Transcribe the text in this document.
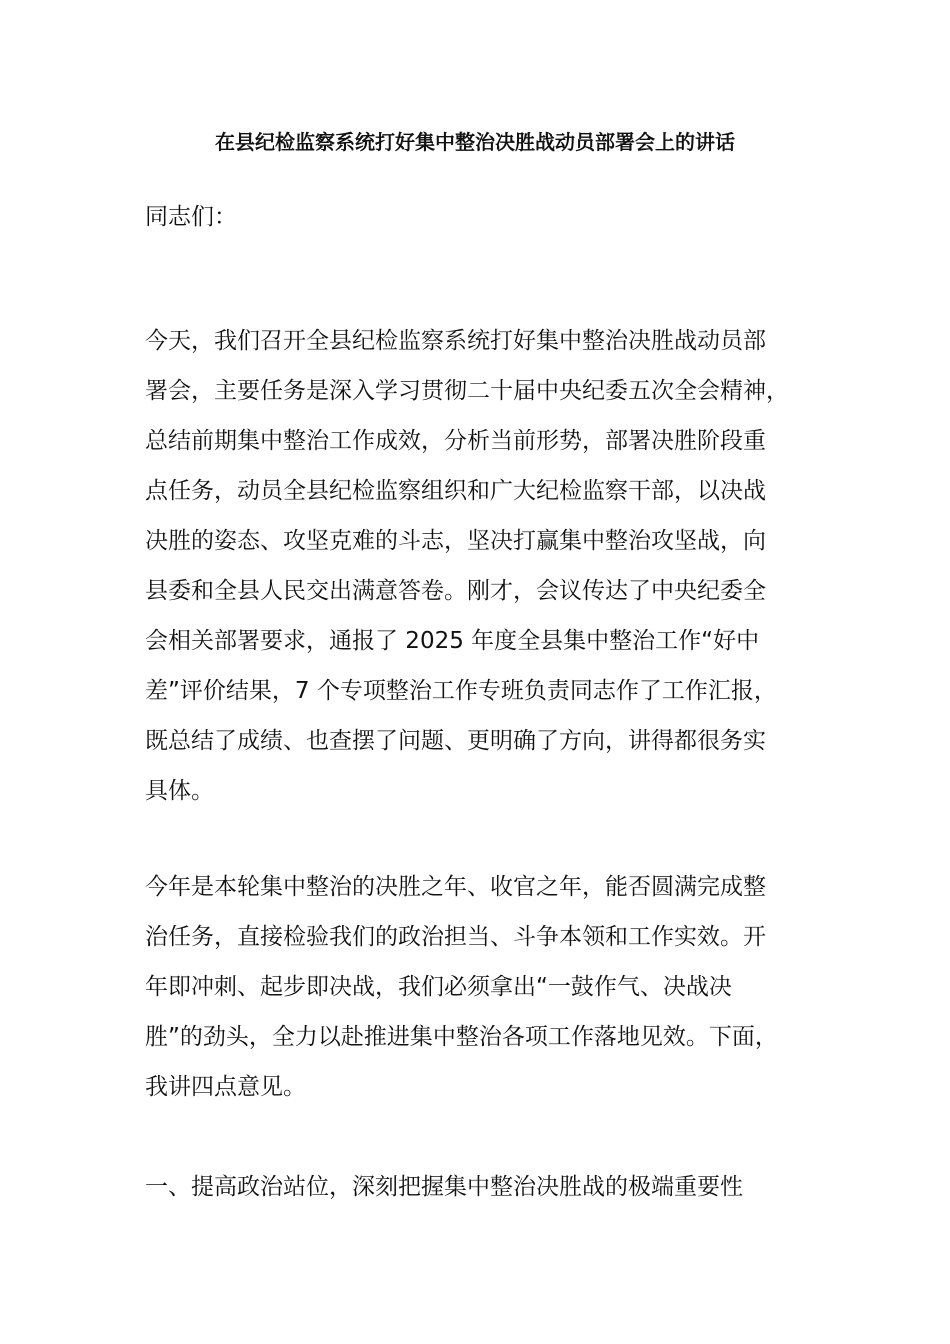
在县纪检监察系统打好集中整治决胜战动员部署会上的讲话

同志们：

今天，我们召开全县纪检监察系统打好集中整治决胜战动员部
署会，主要任务是深入学习贯彻二十届中央纪委五次全会精神，
总结前期集中整治工作成效，分析当前形势，部署决胜阶段重
点任务，动员全县纪检监察组织和广大纪检监察干部，以决战
决胜的姿态、攻坚克难的斗志，坚决打赢集中整治攻坚战，向
县委和全县人民交出满意答卷。刚才，会议传达了中央纪委全
会相关部署要求，通报了 2025 年度全县集中整治工作“好中
差”评价结果，7 个专项整治工作专班负责同志作了工作汇报，
既总结了成绩、也查摆了问题、更明确了方向，讲得都很务实
具体。

今年是本轮集中整治的决胜之年、收官之年，能否圆满完成整
治任务，直接检验我们的政治担当、斗争本领和工作实效。开
年即冲刺、起步即决战，我们必须拿出“一鼓作气、决战决
胜”的劲头，全力以赴推进集中整治各项工作落地见效。下面，
我讲四点意见。

一、提高政治站位，深刻把握集中整治决胜战的极端重要性
